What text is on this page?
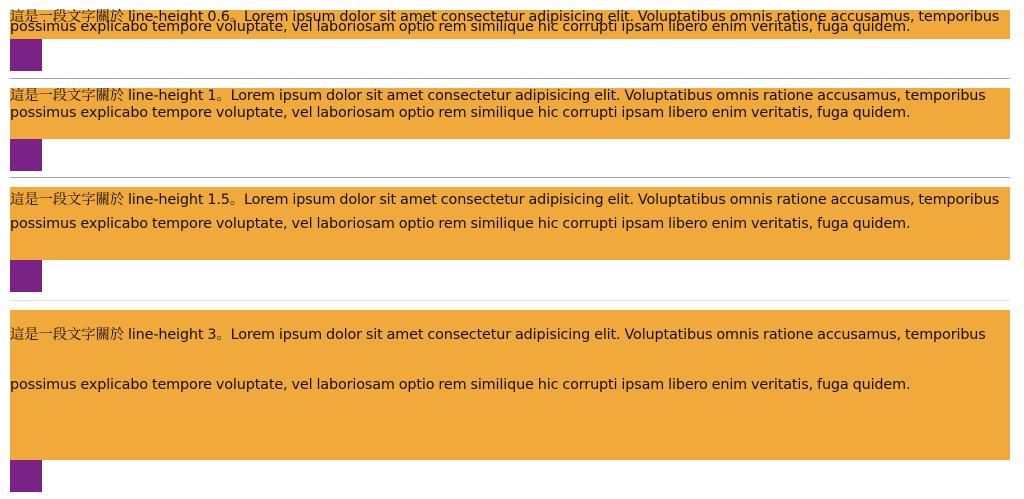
這是一段文字關於 line-height 0.6。Lorem ipsum dolor sit amet consectetur adipisicing elit. Voluptatibus omnis ratione accusamus, temporibus possimus explicabo tempore voluptate, vel laboriosam optio rem similique hic corrupti ipsam libero enim veritatis, fuga quidem.

這是一段文字關於 line-height 1。Lorem ipsum dolor sit amet consectetur adipisicing elit. Voluptatibus omnis ratione accusamus, temporibus possimus explicabo tempore voluptate, vel laboriosam optio rem similique hic corrupti ipsam libero enim veritatis, fuga quidem.

這是一段文字關於 line-height 1.5。Lorem ipsum dolor sit amet consectetur adipisicing elit. Voluptatibus omnis ratione accusamus, temporibus possimus explicabo tempore voluptate, vel laboriosam optio rem similique hic corrupti ipsam libero enim veritatis, fuga quidem.

這是一段文字關於 line-height 3。Lorem ipsum dolor sit amet consectetur adipisicing elit. Voluptatibus omnis ratione accusamus, temporibus possimus explicabo tempore voluptate, vel laboriosam optio rem similique hic corrupti ipsam libero enim veritatis, fuga quidem.
